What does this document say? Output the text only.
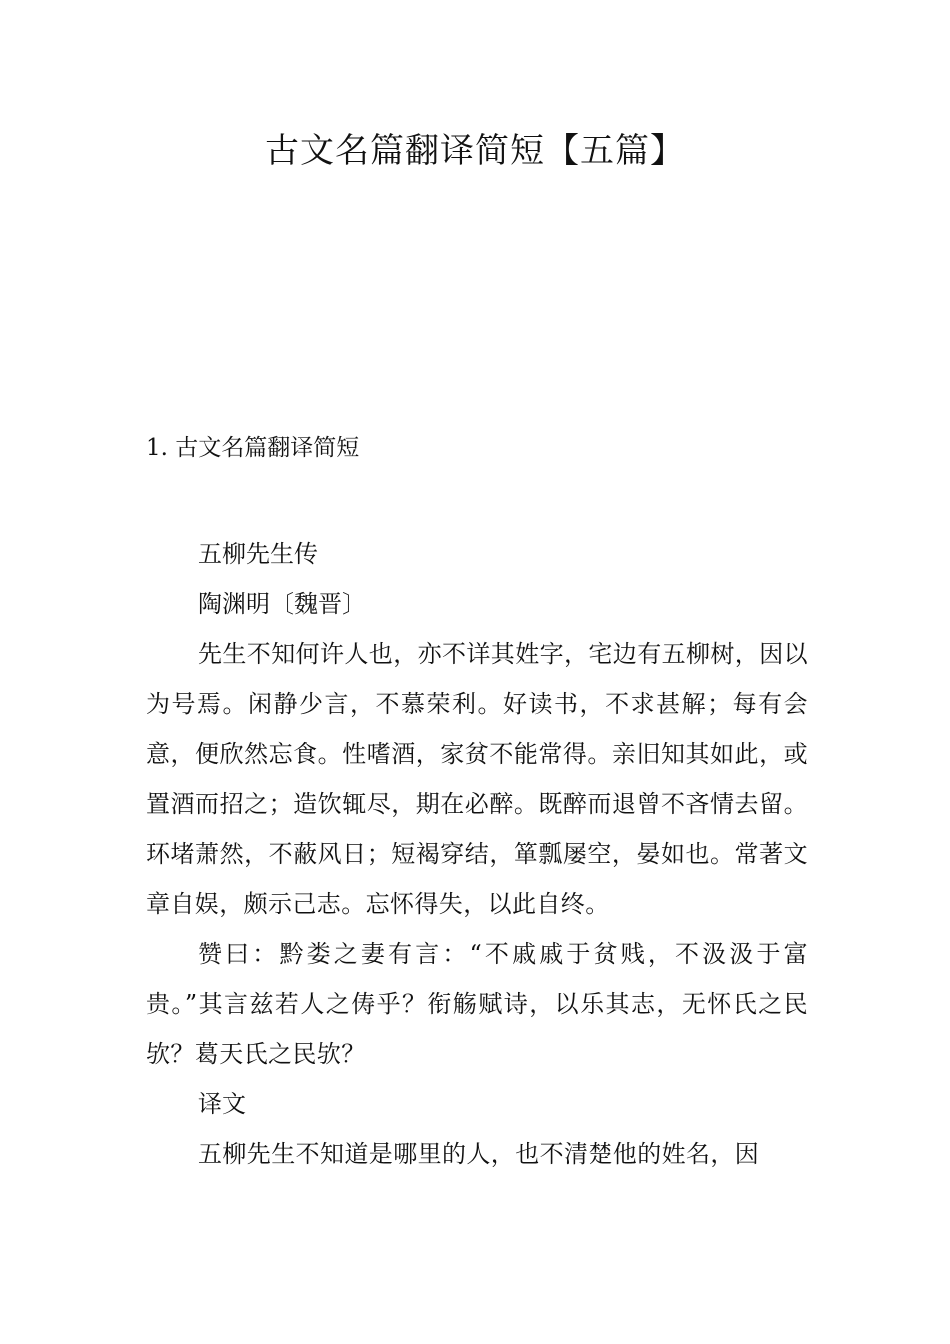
古文名篇翻译简短【五篇】
1. 古文名篇翻译简短

五柳先生传

陶渊明〔魏晋〕

先生不知何许人也，亦不详其姓字，宅边有五柳树，因以为号焉。闲静少言，不慕荣利。好读书，不求甚解；每有会意，便欣然忘食。性嗜酒，家贫不能常得。亲旧知其如此，或置酒而招之；造饮辄尽，期在必醉。既醉而退曾不吝情去留。环堵萧然，不蔽风日；短褐穿结，箪瓢屡空，晏如也。常著文章自娱，颇示己志。忘怀得失，以此自终。

赞曰：黔娄之妻有言：“不戚戚于贫贱，不汲汲于富贵。”其言兹若人之俦乎？衔觞赋诗，以乐其志，无怀氏之民欤？葛天氏之民欤？

译文

五柳先生不知道是哪里的人，也不清楚他的姓名，因
